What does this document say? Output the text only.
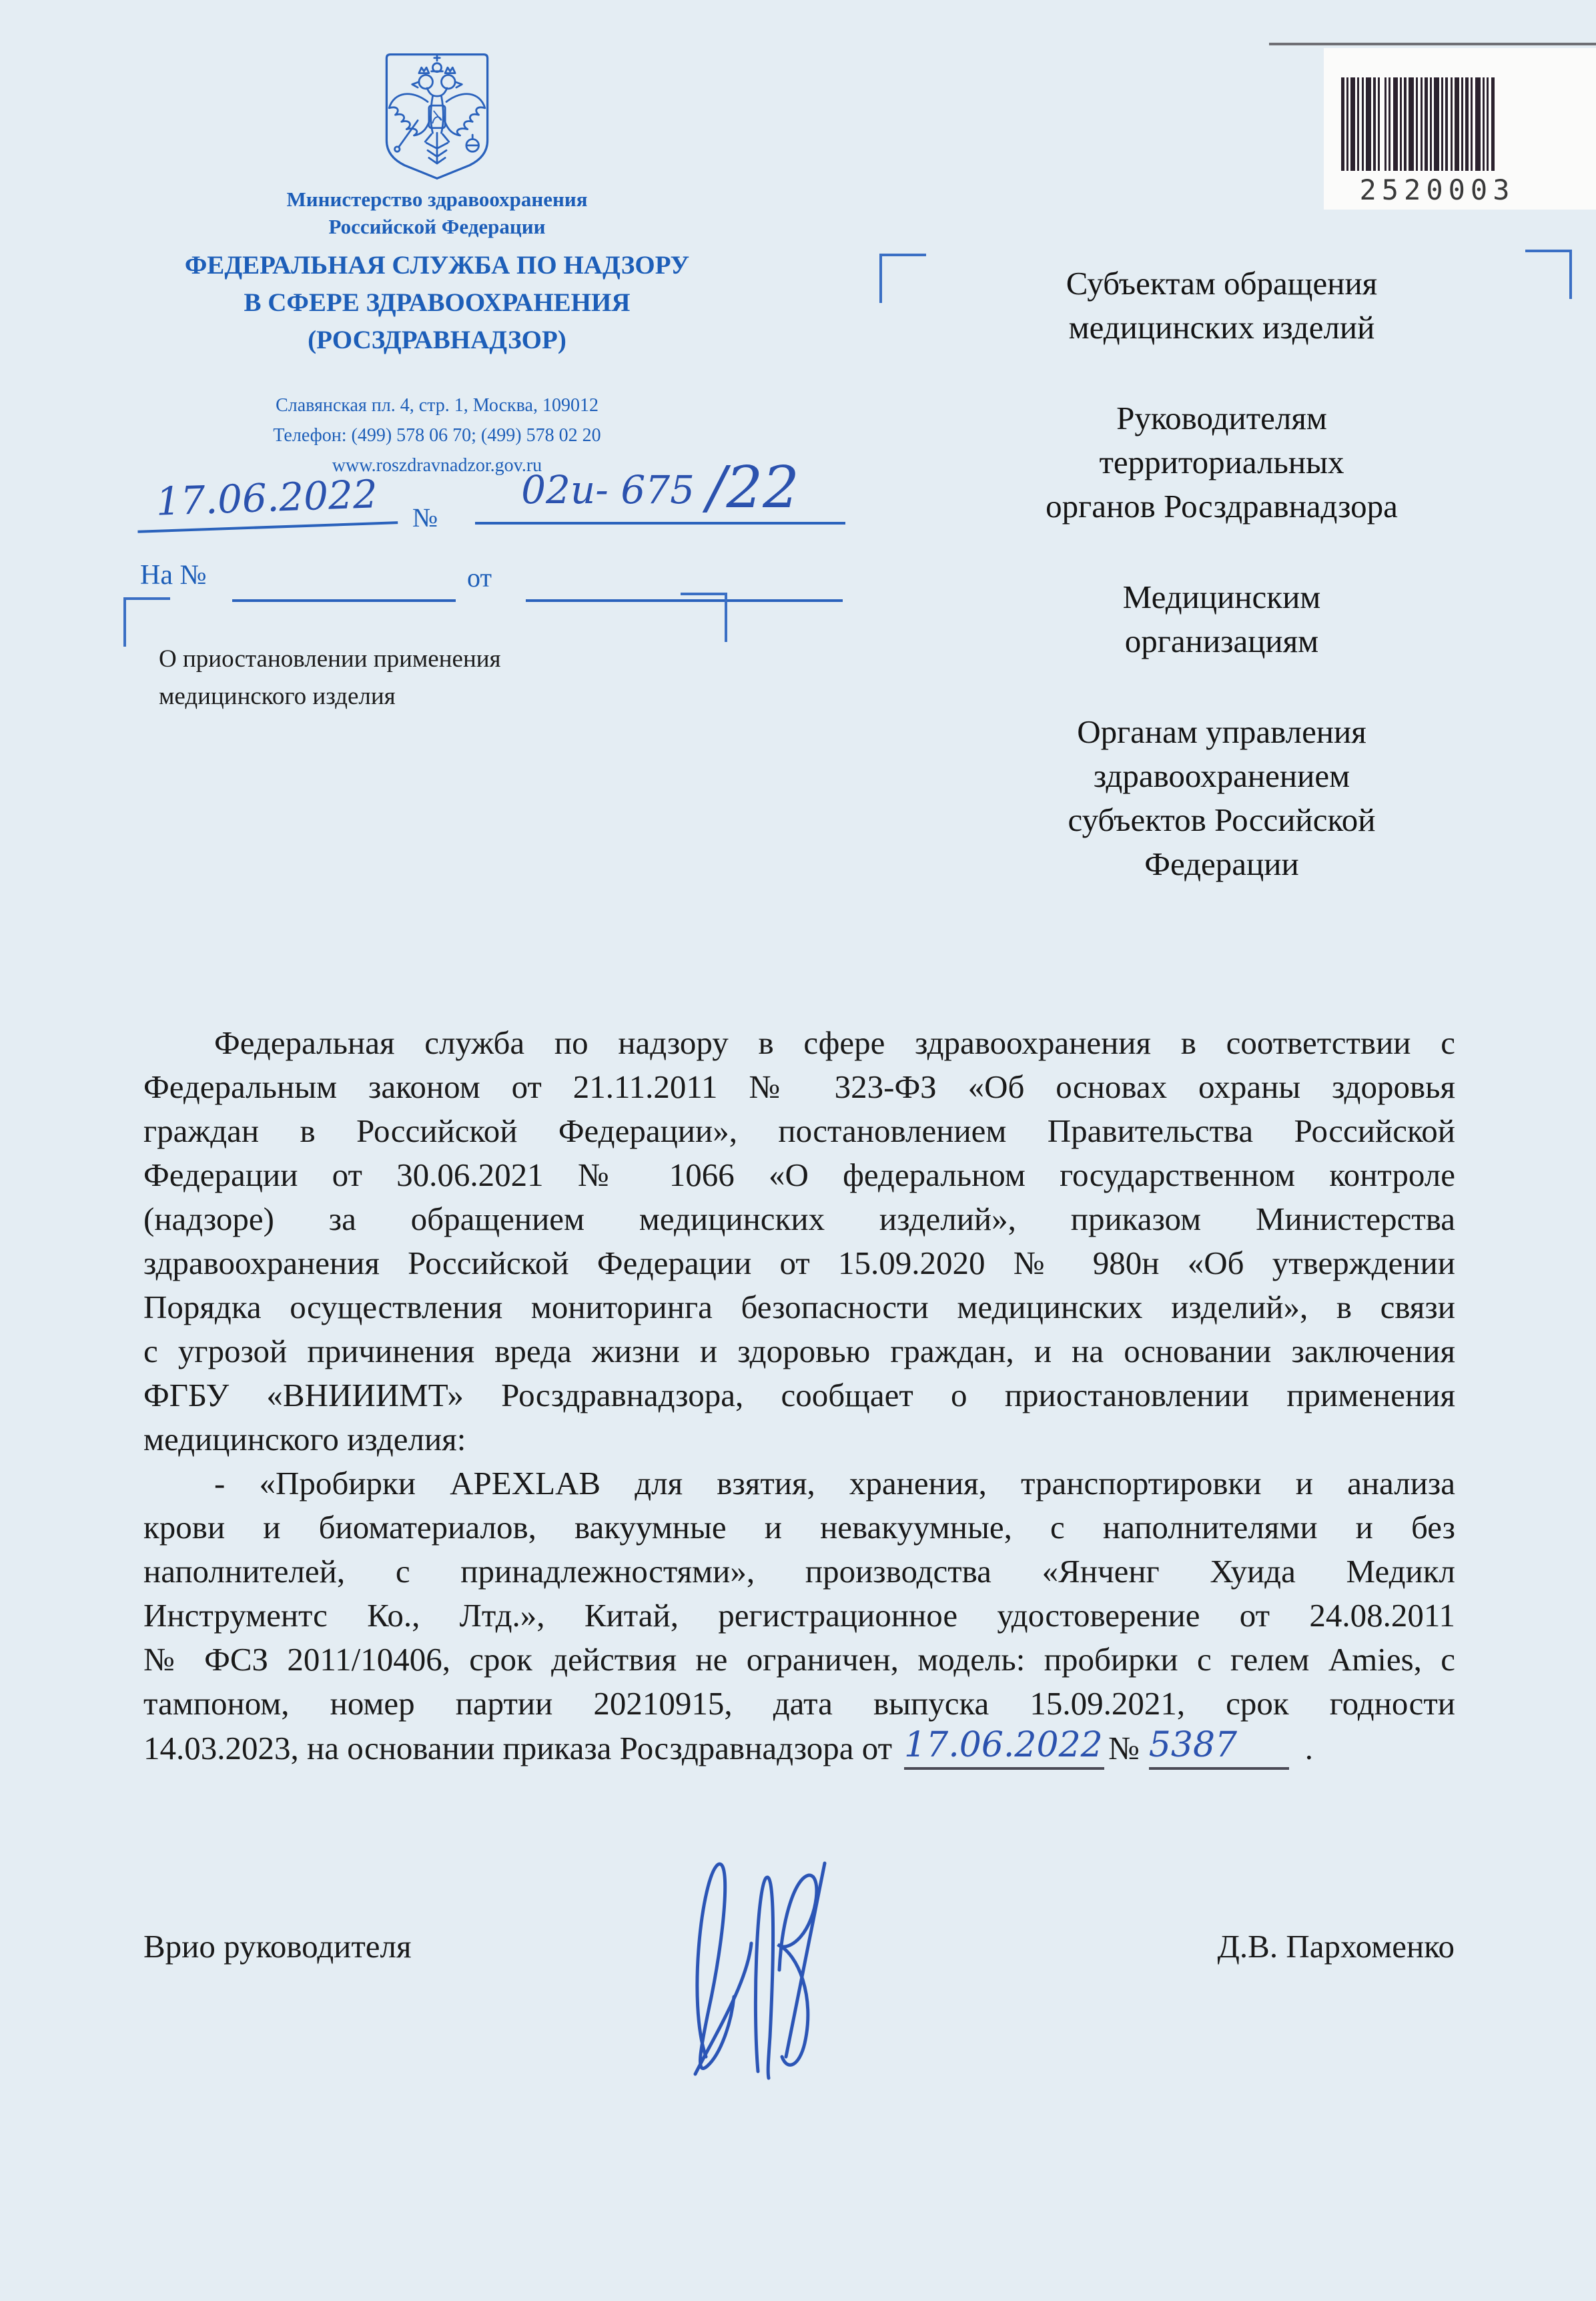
2520003
Министерство здравоохранения
Российской Федерации
ФЕДЕРАЛЬНАЯ СЛУЖБА ПО НАДЗОРУ
В СФЕРЕ ЗДРАВООХРАНЕНИЯ
(РОСЗДРАВНАДЗОР)
Славянская пл. 4, стр. 1, Москва, 109012
Телефон: (499) 578 06 70; (499) 578 02 20
www.roszdravnadzor.gov.ru
17.06.2022	№
02и- 675 /22
На №	от
О приостановлении применения
медицинского изделия
Субъектам обращения
медицинских изделий
Руководителям
территориальных
органов Росздравнадзора
Медицинским
организациям
Органам управления
здравоохранением
субъектов Российской
Федерации
Федеральная служба по надзору в сфере здравоохранения в соответствии с
Федеральным законом от 21.11.2011 № 323-ФЗ «Об основах охраны здоровья
граждан в Российской Федерации», постановлением Правительства Российской
Федерации от 30.06.2021 № 1066 «О федеральном государственном контроле
(надзоре) за обращением медицинских изделий», приказом Министерства
здравоохранения Российской Федерации от 15.09.2020 № 980н «Об утверждении
Порядка осуществления мониторинга безопасности медицинских изделий», в связи
с угрозой причинения вреда жизни и здоровью граждан, и на основании заключения
ФГБУ «ВНИИИМТ» Росздравнадзора, сообщает о приостановлении применения
медицинского изделия:
- «Пробирки APEXLAB для взятия, хранения, транспортировки и анализа
крови и биоматериалов, вакуумные и невакуумные, с наполнителями и без
наполнителей, с принадлежностями», производства «Янченг Хуида Медикл
Инструментс Ко., Лтд.», Китай, регистрационное удостоверение от 24.08.2011
№ ФСЗ 2011/10406, срок действия не ограничен, модель: пробирки с гелем Amies, с
тампоном, номер партии 20210915, дата выпуска 15.09.2021, срок годности
14.03.2023, на основании приказа Росздравнадзора от 17.06.2022 № 5387	.
Врио руководителя	Д.В. Пархоменко
